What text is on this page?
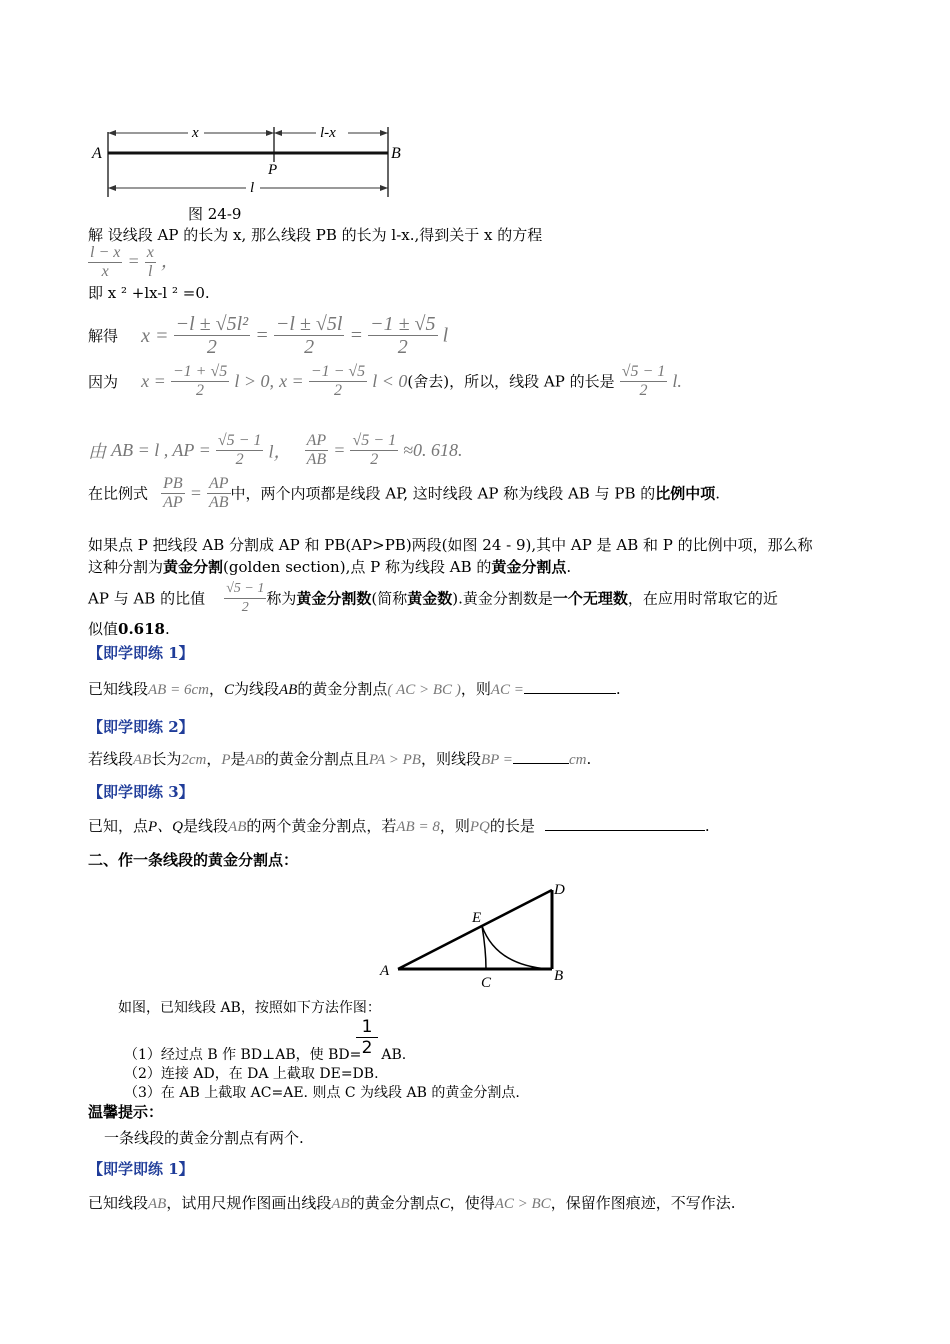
x	l-x
l
A	B
P
图 24-9
解 设线段 AP 的长为 x, 那么线段 PB 的长为 l-x.,得到关于 x 的方程
$\frac{l - x}{x} = \frac{x}{l}$ ，
即 x ² +lx-l ² =0.
解得 $x = \frac{\text{−l ± √5l²}}{2} = \frac{-l \pm √5l}{2} = \frac{-1 \pm √5}{2}$ l
因为 $x = \frac{-1 + √5}{2}$ l > 0, $x = \frac{-1 - √5}{2}$ l < 0(舍去)，所以，线段 AP 的长是 $\frac{√5 - 1}{2} l$.
由 AB = l , AP = $\frac{√5 - 1}{2}$ l， $\frac{AP}{AB} = \frac{√5 - 1}{2} \approx 0$. 618.
在比例式 $\frac{PB}{AP} = \frac{AP}{AB}$ 中，两个内项都是线段 AP, 这时线段 AP 称为线段 AB 与 PB 的比例中项.
如果点 P 把线段 AB 分割成 AP 和 PB(AP>PB)两段(如图 24 - 9),其中 AP 是 AB 和 P 的比例中项，那么称
这种分割为黄金分割(golden section),点 P 称为线段 AB 的黄金分割点.
AP 与 AB 的比值 $\frac{√5 - 1}{2}$ 称为黄金分割数(简称黄金数).黄金分割数是一个无理数，在应用时常取它的近
似值0.618.
【即学即练 1】
已知线段AB = 6cm，C为线段AB的黄金分割点( AC > BC )，则AC =	.
【即学即练 2】
若线段AB长为2cm，P是AB的黄金分割点且PA > PB，则线段BP =	cm.
【即学即练 3】
已知，点P、Q是线段AB的两个黄金分割点，若AB = 8，则PQ的长是	.
二、作一条线段的黄金分割点：
A	B
C
D
E
如图，已知线段 AB，按照如下方法作图：
$\frac{1}{2}$
（1）经过点 B 作 BD⊥AB，使 BD= AB.
（2）连接 AD，在 DA 上截取 DE=DB.
（3）在 AB 上截取 AC=AE. 则点 C 为线段 AB 的黄金分割点.
温馨提示：
一条线段的黄金分割点有两个.
【即学即练 1】
已知线段AB，试用尺规作图画出线段AB的黄金分割点C，使得AC > BC，保留作图痕迹，不写作法.
